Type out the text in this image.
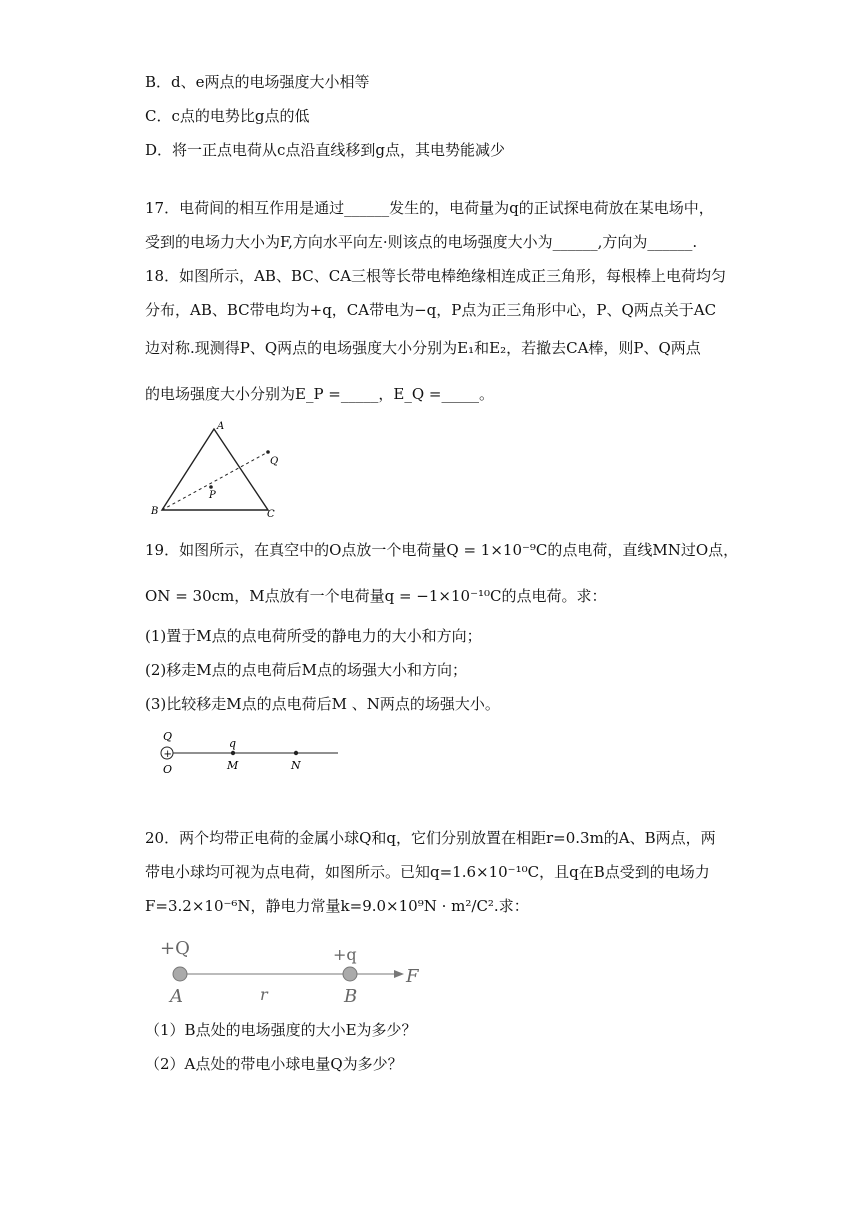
B．d、e两点的电场强度大小相等
C．c点的电势比g点的低
D．将一正点电荷从c点沿直线移到g点，其电势能减少
17．电荷间的相互作用是通过______发生的，电荷量为q的正试探电荷放在某电场中，
受到的电场力大小为F,方向水平向左·则该点的电场强度大小为______,方向为______.
18．如图所示，AB、BC、CA三根等长带电棒绝缘相连成正三角形，每根棒上电荷均匀
分布，AB、BC带电均为+q，CA带电为−q，P点为正三角形中心，P、Q两点关于AC
边对称.现测得P、Q两点的电场强度大小分别为E₁和E₂，若撤去CA棒，则P、Q两点
的电场强度大小分别为E_P =_____，E_Q =_____。
A
B	C
P
Q
19．如图所示，在真空中的O点放一个电荷量Q = 1×10⁻⁹C的点电荷，直线MN过O点，
ON = 30cm，M点放有一个电荷量q = −1×10⁻¹⁰C的点电荷。求：
(1)置于M点的点电荷所受的静电力的大小和方向；
(2)移走M点的点电荷后M点的场强大小和方向；
(3)比较移走M点的点电荷后M 、N两点的场强大小。
+
Q
O
q
M	N
20．两个均带正电荷的金属小球Q和q，它们分别放置在相距r=0.3m的A、B两点，两
带电小球均可视为点电荷，如图所示。已知q=1.6×10⁻¹⁰C，且q在B点受到的电场力
F=3.2×10⁻⁶N，静电力常量k=9.0×10⁹N · m²/C².求：
+Q	+q
A	r	B
F
（1）B点处的电场强度的大小E为多少？
（2）A点处的带电小球电量Q为多少？
